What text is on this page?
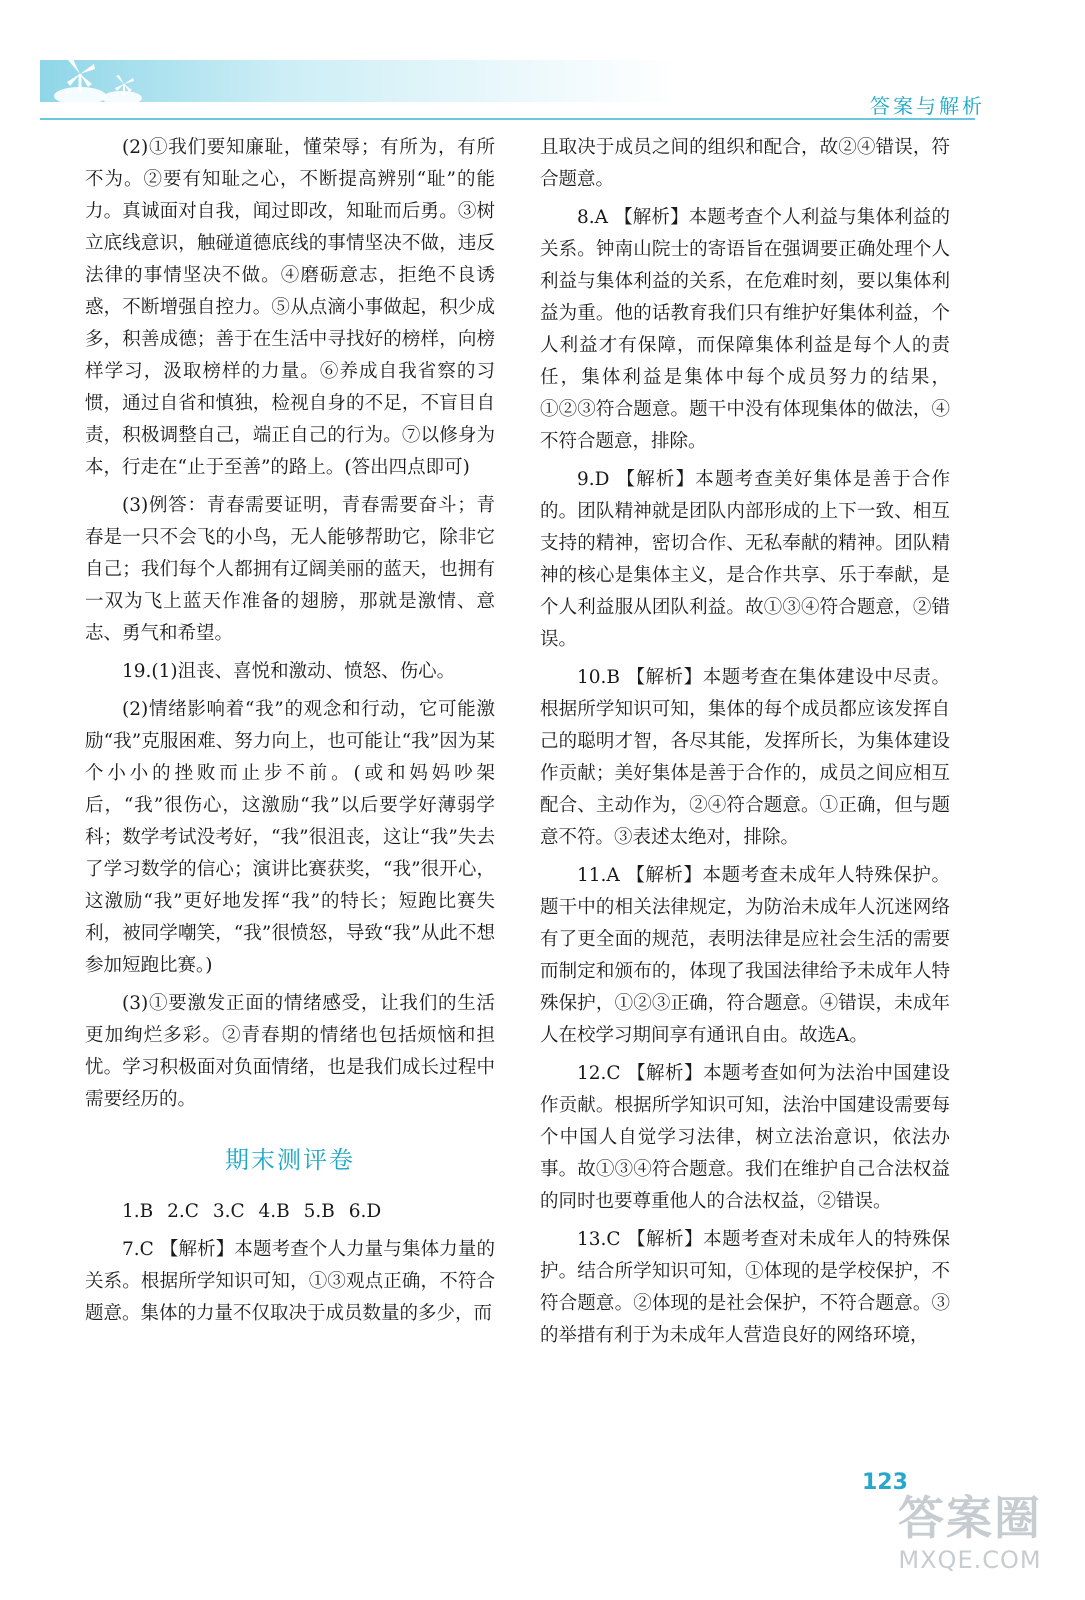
答案与解析

(2)①我们要知廉耻，懂荣辱；有所为，有所不为。②要有知耻之心，不断提高辨别“耻”的能力。真诚面对自我，闻过即改，知耻而后勇。③树立底线意识，触碰道德底线的事情坚决不做，违反法律的事情坚决不做。④磨砺意志，拒绝不良诱惑，不断增强自控力。⑤从点滴小事做起，积少成多，积善成德；善于在生活中寻找好的榜样，向榜样学习，汲取榜样的力量。⑥养成自我省察的习惯，通过自省和慎独，检视自身的不足，不盲目自责，积极调整自己，端正自己的行为。⑦以修身为本，行走在“止于至善”的路上。(答出四点即可)

(3)例答：青春需要证明，青春需要奋斗；青春是一只不会飞的小鸟，无人能够帮助它，除非它自己；我们每个人都拥有辽阔美丽的蓝天，也拥有一双为飞上蓝天作准备的翅膀，那就是激情、意志、勇气和希望。

19.(1)沮丧、喜悦和激动、愤怒、伤心。

(2)情绪影响着“我”的观念和行动，它可能激励“我”克服困难、努力向上，也可能让“我”因为某个小小的挫败而止步不前。(或和妈妈吵架后，“我”很伤心，这激励“我”以后要学好薄弱学科；数学考试没考好，“我”很沮丧，这让“我”失去了学习数学的信心；演讲比赛获奖，“我”很开心，这激励“我”更好地发挥“我”的特长；短跑比赛失利，被同学嘲笑，“我”很愤怒，导致“我”从此不想参加短跑比赛。)

(3)①要激发正面的情绪感受，让我们的生活更加绚烂多彩。②青春期的情绪也包括烦恼和担忧。学习积极面对负面情绪，也是我们成长过程中需要经历的。

期末测评卷

1.B 2.C 3.C 4.B 5.B 6.D

7.C 【解析】本题考查个人力量与集体力量的关系。根据所学知识可知，①③观点正确，不符合题意。集体的力量不仅取决于成员数量的多少，而

且取决于成员之间的组织和配合，故②④错误，符合题意。

8.A 【解析】本题考查个人利益与集体利益的关系。钟南山院士的寄语旨在强调要正确处理个人利益与集体利益的关系，在危难时刻，要以集体利益为重。他的话教育我们只有维护好集体利益，个人利益才有保障，而保障集体利益是每个人的责任，集体利益是集体中每个成员努力的结果，①②③符合题意。题干中没有体现集体的做法，④不符合题意，排除。

9.D 【解析】本题考查美好集体是善于合作的。团队精神就是团队内部形成的上下一致、相互支持的精神，密切合作、无私奉献的精神。团队精神的核心是集体主义，是合作共享、乐于奉献，是个人利益服从团队利益。故①③④符合题意，②错误。

10.B 【解析】本题考查在集体建设中尽责。根据所学知识可知，集体的每个成员都应该发挥自己的聪明才智，各尽其能，发挥所长，为集体建设作贡献；美好集体是善于合作的，成员之间应相互配合、主动作为，②④符合题意。①正确，但与题意不符。③表述太绝对，排除。

11.A 【解析】本题考查未成年人特殊保护。题干中的相关法律规定，为防治未成年人沉迷网络有了更全面的规范，表明法律是应社会生活的需要而制定和颁布的，体现了我国法律给予未成年人特殊保护，①②③正确，符合题意。④错误，未成年人在校学习期间享有通讯自由。故选A。

12.C 【解析】本题考查如何为法治中国建设作贡献。根据所学知识可知，法治中国建设需要每个中国人自觉学习法律，树立法治意识，依法办事。故①③④符合题意。我们在维护自己合法权益的同时也要尊重他人的合法权益，②错误。

13.C 【解析】本题考查对未成年人的特殊保护。结合所学知识可知，①体现的是学校保护，不符合题意。②体现的是社会保护，不符合题意。③的举措有利于为未成年人营造良好的网络环境，

123
答案圈
MXQE.COM
